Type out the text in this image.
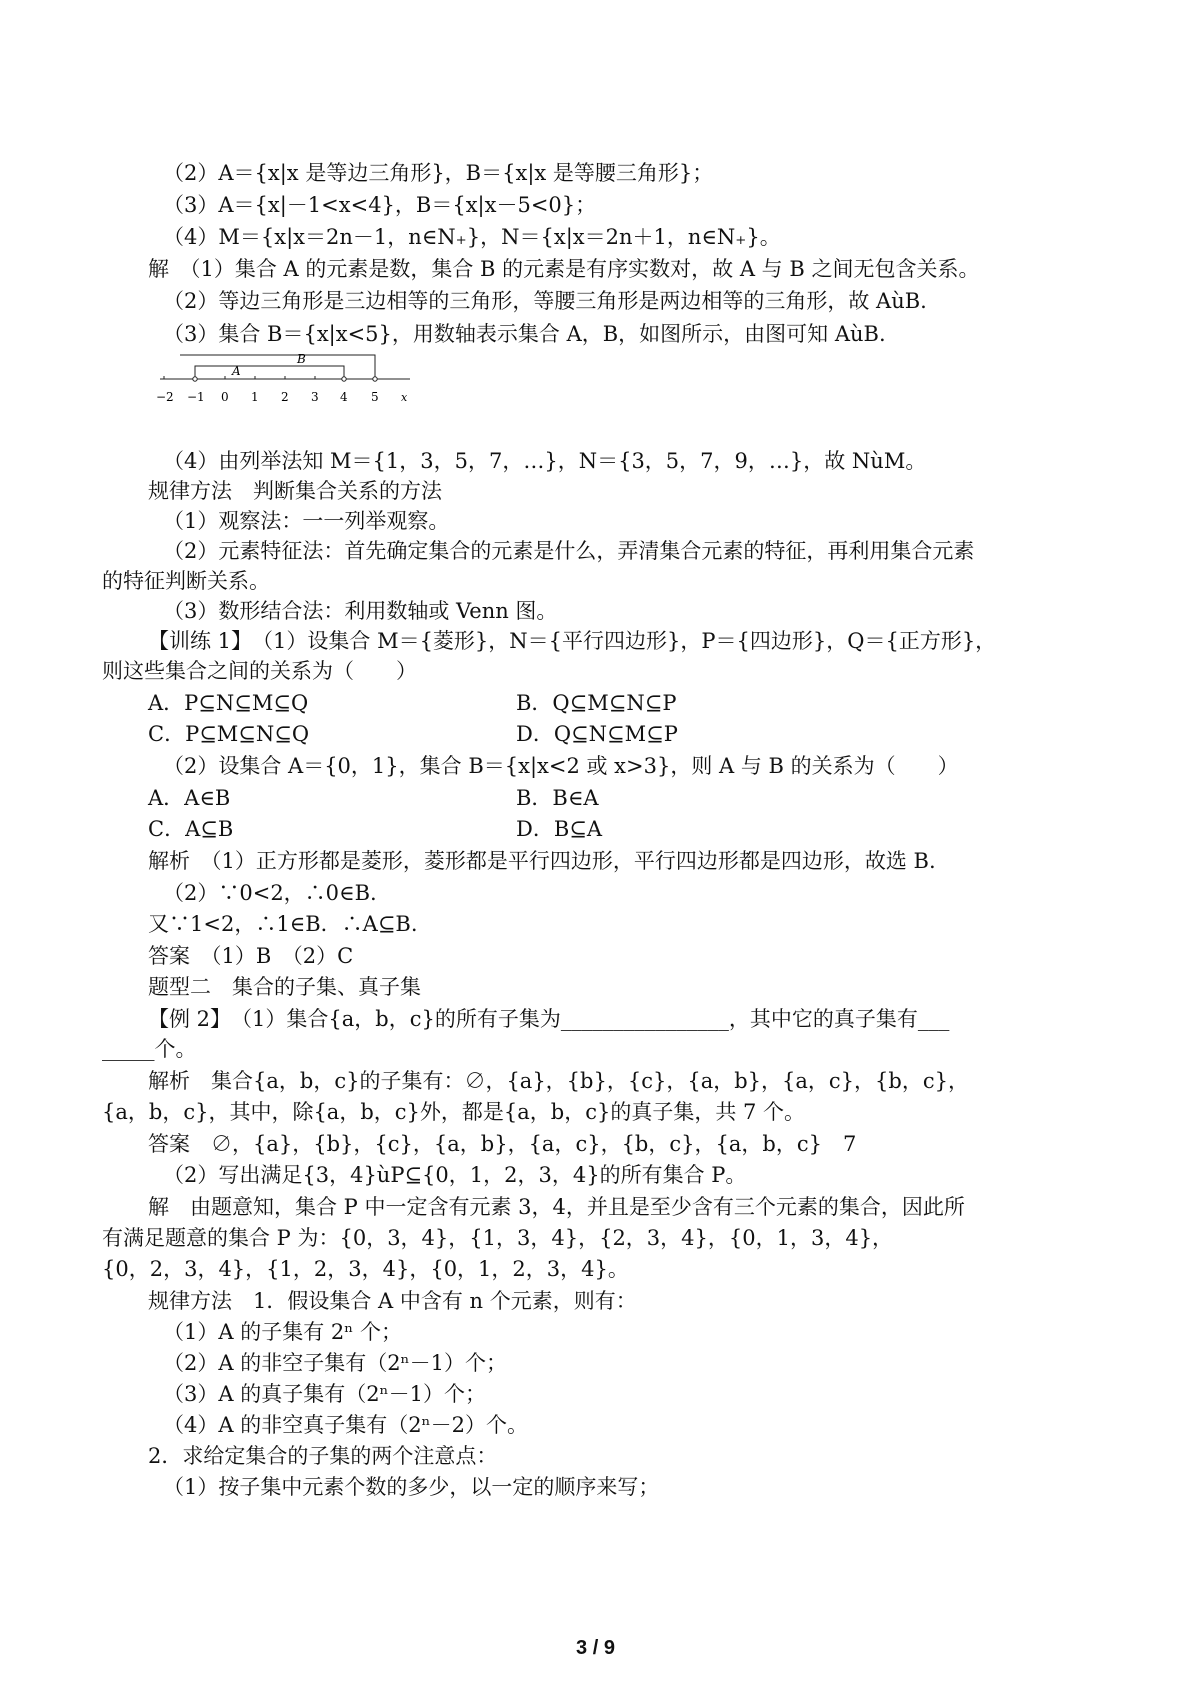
（2）A＝{x|x 是等边三角形}，B＝{x|x 是等腰三角形}；
（3）A＝{x|－1<x<4}，B＝{x|x－5<0}；
（4）M＝{x|x＝2n－1，n∈N₊}，N＝{x|x＝2n＋1，n∈N₊}。
解　（1）集合 A 的元素是数，集合 B 的元素是有序实数对，故 A 与 B 之间无包含关系。
（2）等边三角形是三边相等的三角形，等腰三角形是两边相等的三角形，故 AùB.
（3）集合 B＝{x|x<5}，用数轴表示集合 A，B，如图所示，由图可知 AùB.
B
A
−2 −1 0 1 2 3 4 5 x
（4）由列举法知 M＝{1，3，5，7，…}，N＝{3，5，7，9，…}，故 NùM。
规律方法　判断集合关系的方法
（1）观察法：一一列举观察。
（2）元素特征法：首先确定集合的元素是什么，弄清集合元素的特征，再利用集合元素
的特征判断关系。
（3）数形结合法：利用数轴或 Venn 图。
【训练 1】　（1）设集合 M＝{菱形}，N＝{平行四边形}，P＝{四边形}，Q＝{正方形}，
则这些集合之间的关系为（　　）
A．P⊆N⊆M⊆Q	B．Q⊆M⊆N⊆P
C．P⊆M⊆N⊆Q	D．Q⊆N⊆M⊆P
（2）设集合 A＝{0，1}，集合 B＝{x|x<2 或 x>3}，则 A 与 B 的关系为（　　）
A．A∈B	B．B∈A
C．A⊆B	D．B⊆A
解析　（1）正方形都是菱形，菱形都是平行四边形，平行四边形都是四边形，故选 B.
（2）∵0<2，∴0∈B.
又∵1<2，∴1∈B．∴A⊆B.
答案　（1）B　（2）C
题型二　集合的子集、真子集
【例 2】　（1）集合{a，b，c}的所有子集为________________，其中它的真子集有___
_____个。
解析　集合{a，b，c}的子集有：∅，{a}，{b}，{c}，{a，b}，{a，c}，{b，c}，
{a，b，c}，其中，除{a，b，c}外，都是{a，b，c}的真子集，共 7 个。
答案　∅，{a}，{b}，{c}，{a，b}，{a，c}，{b，c}，{a，b，c}　7
（2）写出满足{3，4}ùP⊆{0，1，2，3，4}的所有集合 P。
解　由题意知，集合 P 中一定含有元素 3，4，并且是至少含有三个元素的集合，因此所
有满足题意的集合 P 为：{0，3，4}，{1，3，4}，{2，3，4}，{0，1，3，4}，
{0，2，3，4}，{1，2，3，4}，{0，1，2，3，4}。
规律方法　1．假设集合 A 中含有 n 个元素，则有：
（1）A 的子集有 2ⁿ 个；
（2）A 的非空子集有（2ⁿ－1）个；
（3）A 的真子集有（2ⁿ－1）个；
（4）A 的非空真子集有（2ⁿ－2）个。
2．求给定集合的子集的两个注意点：
（1）按子集中元素个数的多少，以一定的顺序来写；
3 / 9
